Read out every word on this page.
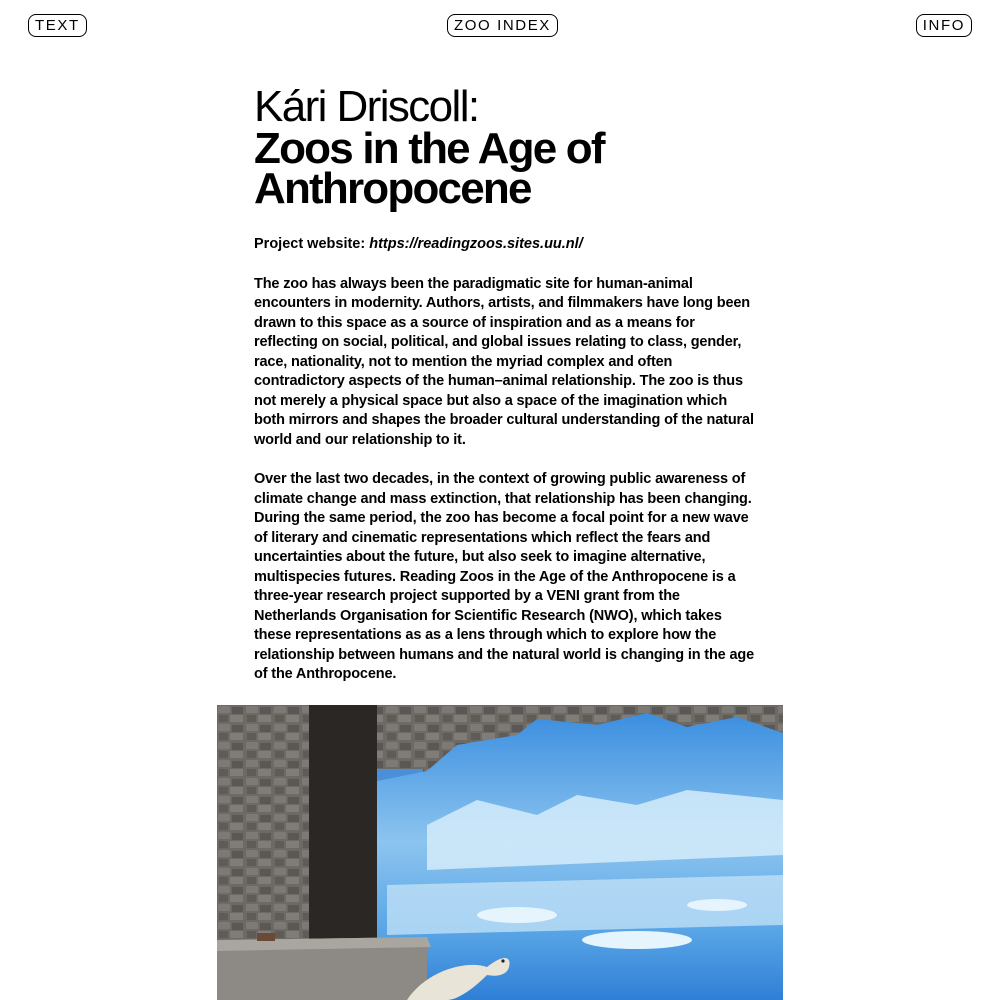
TEXT	ZOO INDEX	INFO
Kári Driscoll:
Zoos in the Age of Anthropocene
Project website: https://readingzoos.sites.uu.nl/

The zoo has always been the paradigmatic site for human-animal encounters in modernity. Authors, artists, and filmmakers have long been drawn to this space as a source of inspiration and as a means for reflecting on social, political, and global issues relating to class, gender, race, nationality, not to mention the myriad complex and often contradictory aspects of the human–animal relationship. The zoo is thus not merely a physical space but also a space of the imagination which both mirrors and shapes the broader cultural understanding of the natural world and our relationship to it.

Over the last two decades, in the context of growing public awareness of climate change and mass extinction, that relationship has been changing. During the same period, the zoo has become a focal point for a new wave of literary and cinematic representations which reflect the fears and uncertainties about the future, but also seek to imagine alternative, multispecies futures. Reading Zoos in the Age of the Anthropocene is a three-year research project supported by a VENI grant from the Netherlands Organisation for Scientific Research (NWO), which takes these representations as as a lens through which to explore how the relationship between humans and the natural world is changing in the age of the Anthropocene.
